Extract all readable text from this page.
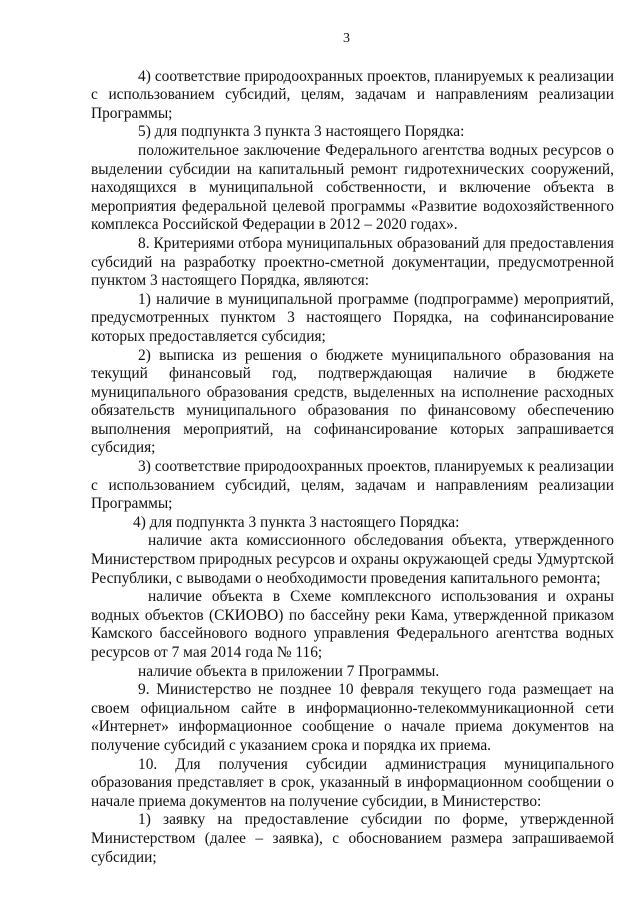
3

4) соответствие природоохранных проектов, планируемых к реализации с использованием субсидий, целям, задачам и направлениям реализации Программы;

5) для подпункта 3 пункта 3 настоящего Порядка:

положительное заключение Федерального агентства водных ресурсов о выделении субсидии на капитальный ремонт гидротехнических сооружений, находящихся в муниципальной собственности, и включение объекта в мероприятия федеральной целевой программы «Развитие водохозяйственного комплекса Российской Федерации в 2012 – 2020 годах».

8. Критериями отбора муниципальных образований для предоставления субсидий на разработку проектно-сметной документации, предусмотренной пунктом 3 настоящего Порядка, являются:

1) наличие в муниципальной программе (подпрограмме) мероприятий, предусмотренных пунктом 3 настоящего Порядка, на софинансирование которых предоставляется субсидия;

2) выписка из решения о бюджете муниципального образования на текущий финансовый год, подтверждающая наличие в бюджете муниципального образования средств, выделенных на исполнение расходных обязательств муниципального образования по финансовому обеспечению выполнения мероприятий, на софинансирование которых запрашивается субсидия;

3) соответствие природоохранных проектов, планируемых к реализации с использованием субсидий, целям, задачам и направлениям реализации Программы;

4) для подпункта 3 пункта 3 настоящего Порядка:

наличие акта комиссионного обследования объекта, утвержденного Министерством природных ресурсов и охраны окружающей среды Удмуртской Республики, с выводами о необходимости проведения капитального ремонта;

наличие объекта в Схеме комплексного использования и охраны водных объектов (СКИОВО) по бассейну реки Кама, утвержденной приказом Камского бассейнового водного управления Федерального агентства водных ресурсов от 7 мая 2014 года № 116;

наличие объекта в приложении 7 Программы.

9. Министерство не позднее 10 февраля текущего года размещает на своем официальном сайте в информационно-телекоммуникационной сети «Интернет» информационное сообщение о начале приема документов на получение субсидий с указанием срока и порядка их приема.

10. Для получения субсидии администрация муниципального образования представляет в срок, указанный в информационном сообщении о начале приема документов на получение субсидии, в Министерство:

1) заявку на предоставление субсидии по форме, утвержденной Министерством (далее – заявка), с обоснованием размера запрашиваемой субсидии;
